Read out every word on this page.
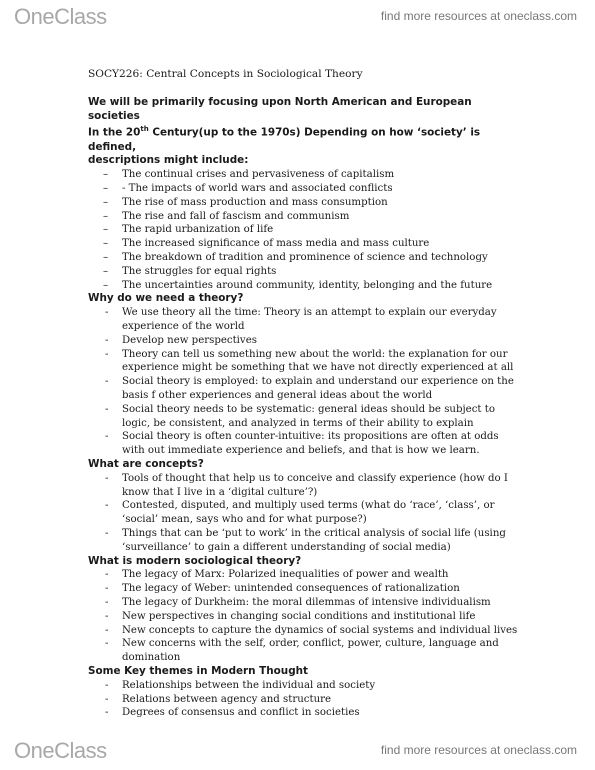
OneClass	find more resources at oneclass.com

SOCY226: Central Concepts in Sociological Theory

We will be primarily focusing upon North American and European societies

In the 20th Century(up to the 1970s) Depending on how ‘society’ is defined,

descriptions might include:

– The continual crises and pervasiveness of capitalism
– - The impacts of world wars and associated conflicts
– The rise of mass production and mass consumption
– The rise and fall of fascism and communism
– The rapid urbanization of life
– The increased significance of mass media and mass culture
– The breakdown of tradition and prominence of science and technology
– The struggles for equal rights
– The uncertainties around community, identity, belonging and the future

Why do we need a theory?

- We use theory all the time: Theory is an attempt to explain our everyday experience of the world
- Develop new perspectives
- Theory can tell us something new about the world: the explanation for our experience might be something that we have not directly experienced at all
- Social theory is employed: to explain and understand our experience on the basis f other experiences and general ideas about the world
- Social theory needs to be systematic: general ideas should be subject to logic, be consistent, and analyzed in terms of their ability to explain
- Social theory is often counter-intuitive: its propositions are often at odds with out immediate experience and beliefs, and that is how we learn.

What are concepts?

- Tools of thought that help us to conceive and classify experience (how do I know that I live in a ‘digital culture’?)
- Contested, disputed, and multiply used terms (what do ‘race’, ‘class’, or ‘social’ mean, says who and for what purpose?)
- Things that can be ‘put to work’ in the critical analysis of social life (using ‘surveillance’ to gain a different understanding of social media)

What is modern sociological theory?

- The legacy of Marx: Polarized inequalities of power and wealth
- The legacy of Weber: unintended consequences of rationalization
- The legacy of Durkheim: the moral dilemmas of intensive individualism
- New perspectives in changing social conditions and institutional life
- New concepts to capture the dynamics of social systems and individual lives
- New concerns with the self, order, conflict, power, culture, language and domination

Some Key themes in Modern Thought

- Relationships between the individual and society
- Relations between agency and structure
- Degrees of consensus and conflict in societies
OneClass	find more resources at oneclass.com
